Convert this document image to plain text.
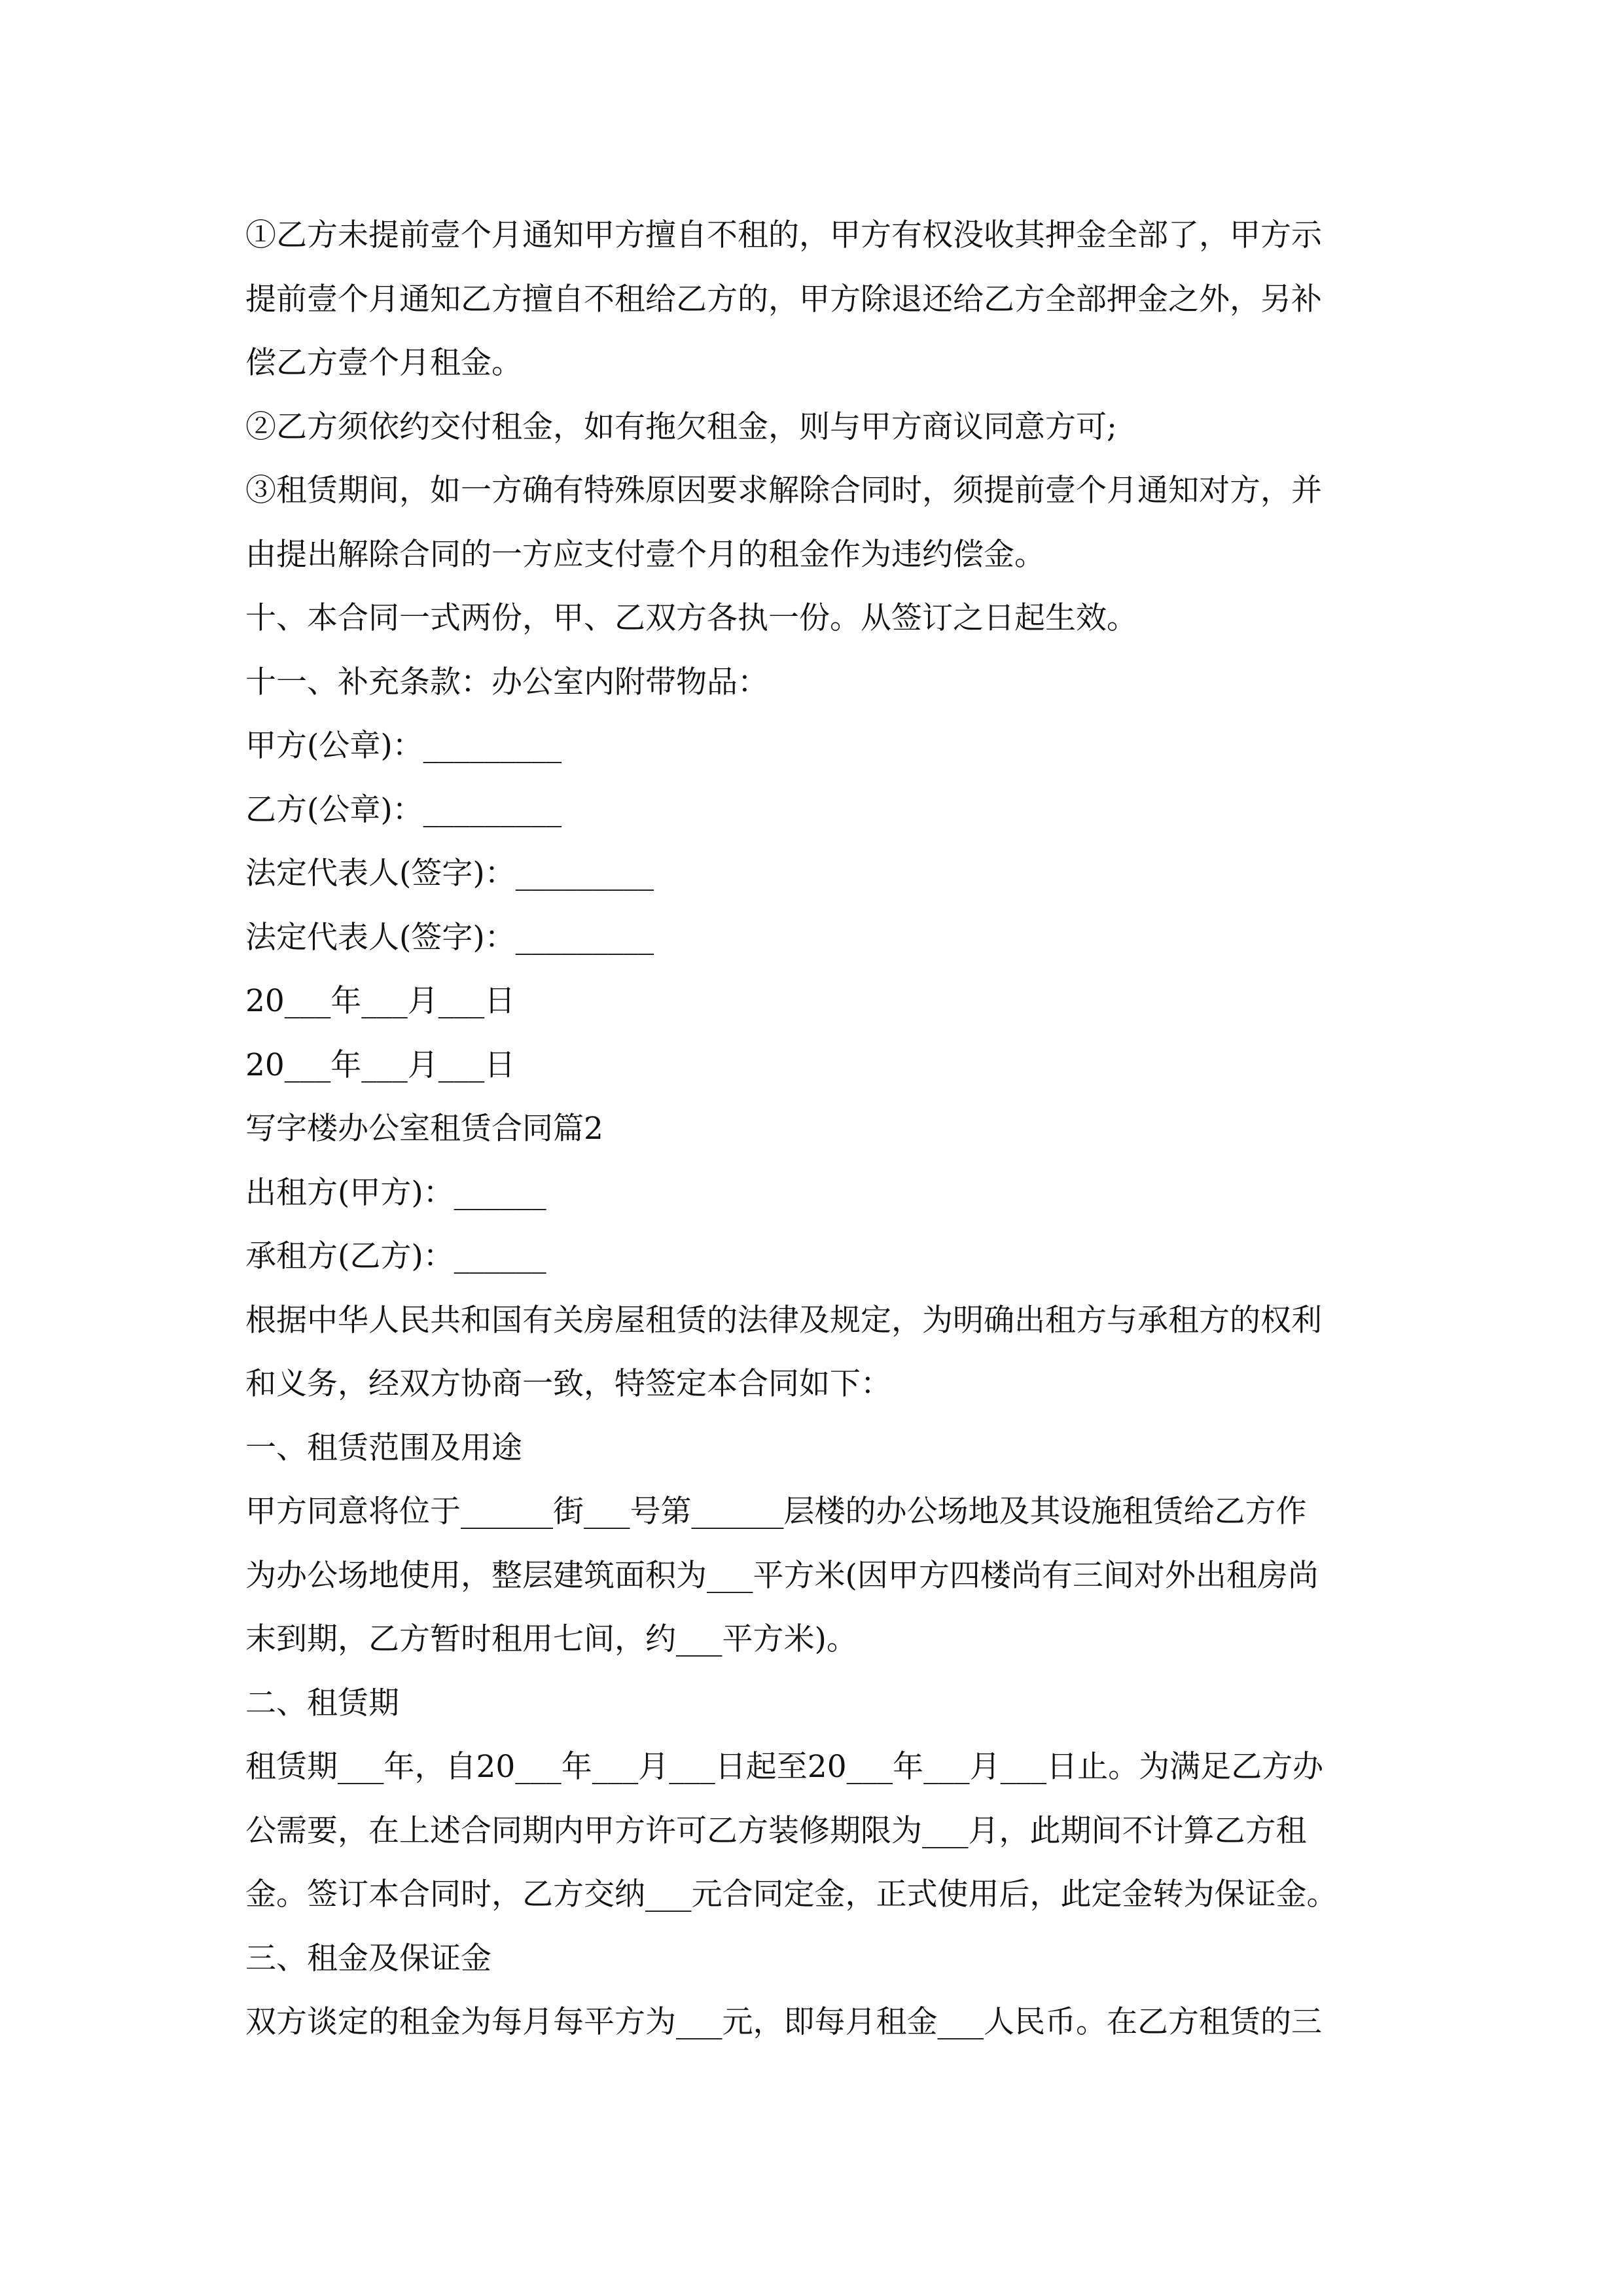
①乙方未提前壹个月通知甲方擅自不租的，甲方有权没收其押金全部了，甲方示
提前壹个月通知乙方擅自不租给乙方的，甲方除退还给乙方全部押金之外，另补
偿乙方壹个月租金。
②乙方须依约交付租金，如有拖欠租金，则与甲方商议同意方可;
③租赁期间，如一方确有特殊原因要求解除合同时，须提前壹个月通知对方，并
由提出解除合同的一方应支付壹个月的租金作为违约偿金。
十、本合同一式两份，甲、乙双方各执一份。从签订之日起生效。
十一、补充条款：办公室内附带物品：
甲方(公章)：_________
乙方(公章)：_________
法定代表人(签字)：_________
法定代表人(签字)：_________
20___年___月___日
20___年___月___日
写字楼办公室租赁合同篇2
出租方(甲方)：______
承租方(乙方)：______
根据中华人民共和国有关房屋租赁的法律及规定，为明确出租方与承租方的权利
和义务，经双方协商一致，特签定本合同如下：
一、租赁范围及用途
甲方同意将位于______街___号第______层楼的办公场地及其设施租赁给乙方作
为办公场地使用，整层建筑面积为___平方米(因甲方四楼尚有三间对外出租房尚
末到期，乙方暂时租用七间，约___平方米)。
二、租赁期
租赁期___年，自20___年___月___日起至20___年___月___日止。为满足乙方办
公需要，在上述合同期内甲方许可乙方装修期限为___月，此期间不计算乙方租
金。签订本合同时，乙方交纳___元合同定金，正式使用后，此定金转为保证金。
三、租金及保证金
双方谈定的租金为每月每平方为___元，即每月租金___人民币。在乙方租赁的三
